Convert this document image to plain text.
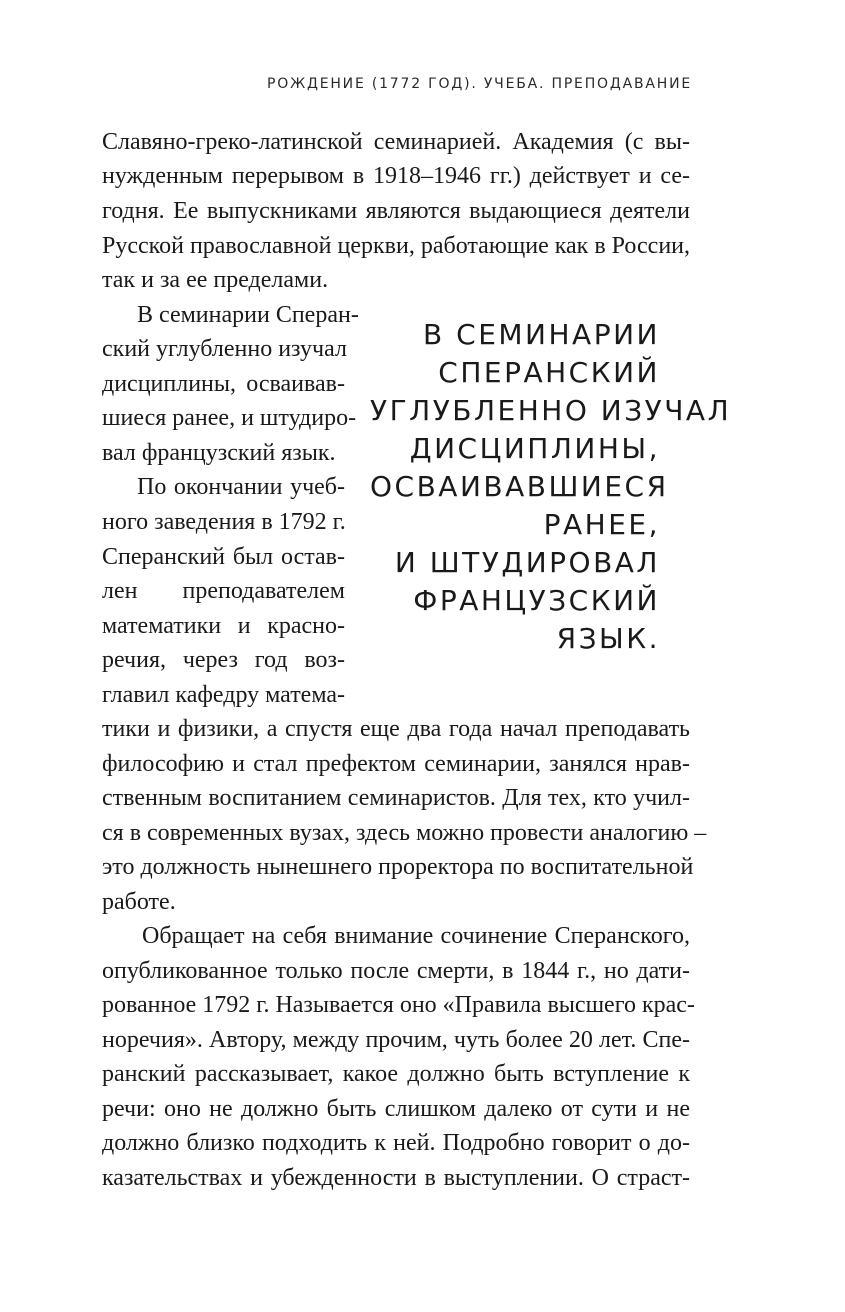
РОЖДЕНИЕ (1772 ГОД). УЧЕБА. ПРЕПОДАВАНИЕ
Славяно-греко-латинской семинарией. Академия (с вы-
нужденным перерывом в 1918–1946 гг.) действует и се-
годня. Ее выпускниками являются выдающиеся деятели
Русской православной церкви, работающие как в России,
так и за ее пределами.
В семинарии Сперан-
ский углубленно изучал
дисциплины, осваивав-
шиеся ранее, и штудиро-
вал французский язык.
По окончании учеб-
ного заведения в 1792 г.
Сперанский был остав-
лен преподавателем
математики и красно-
речия, через год воз-
главил кафедру матема-
тики и физики, а спустя еще два года начал преподавать
философию и стал префектом семинарии, занялся нрав-
ственным воспитанием семинаристов. Для тех, кто учил-
ся в современных вузах, здесь можно провести аналогию –
это должность нынешнего проректора по воспитательной
работе.
Обращает на себя внимание сочинение Сперанского,
опубликованное только после смерти, в 1844 г., но дати-
рованное 1792 г. Называется оно «Правила высшего крас-
норечия». Автору, между прочим, чуть более 20 лет. Спе-
ранский рассказывает, какое должно быть вступление к
речи: оно не должно быть слишком далеко от сути и не
должно близко подходить к ней. Подробно говорит о до-
казательствах и убежденности в выступлении. О страст-
В СЕМИНАРИИ
СПЕРАНСКИЙ
УГЛУБЛЕННО ИЗУЧАЛ
ДИСЦИПЛИНЫ,
ОСВАИВАВШИЕСЯ
РАНЕЕ,
И ШТУДИРОВАЛ
ФРАНЦУЗСКИЙ
ЯЗЫК.
